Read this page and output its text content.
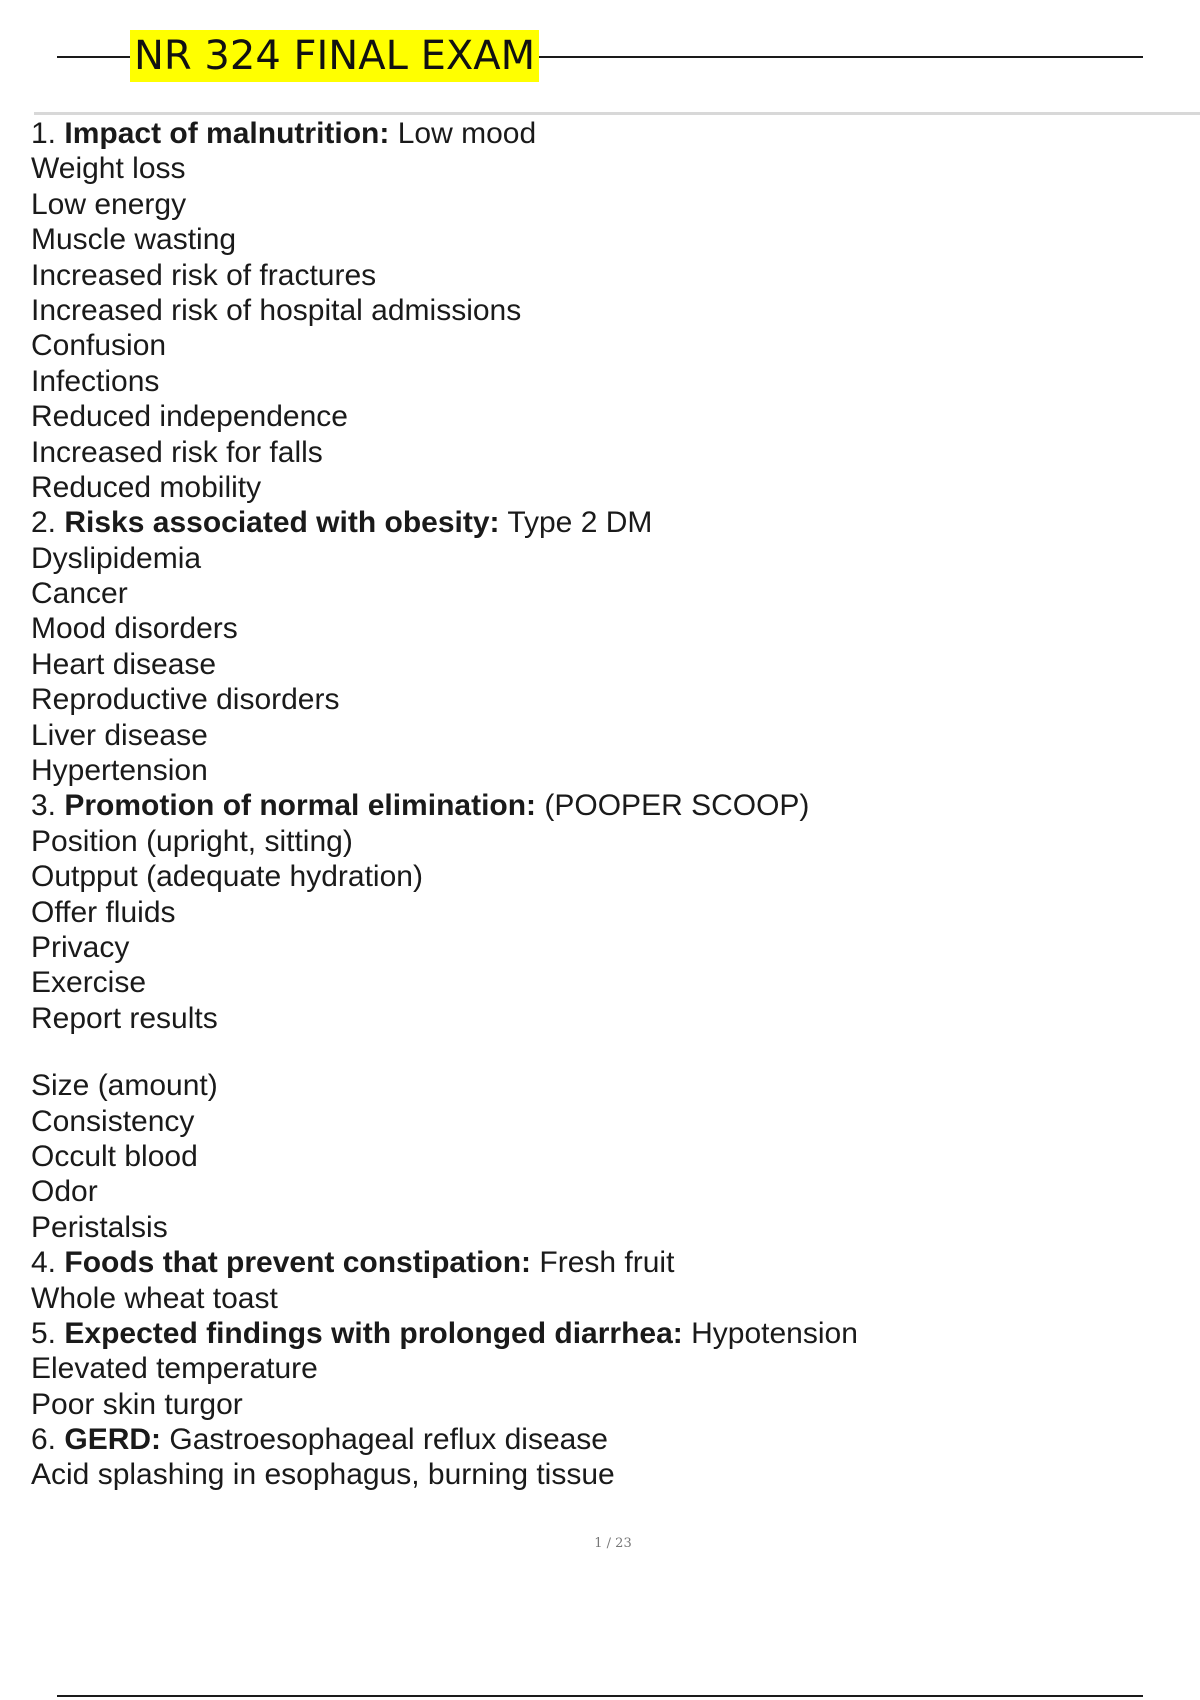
NR 324 FINAL EXAM
1. Impact of malnutrition: Low mood
Weight loss
Low energy
Muscle wasting
Increased risk of fractures
Increased risk of hospital admissions
Confusion
Infections
Reduced independence
Increased risk for falls
Reduced mobility
2. Risks associated with obesity: Type 2 DM
Dyslipidemia
Cancer
Mood disorders
Heart disease
Reproductive disorders
Liver disease
Hypertension
3. Promotion of normal elimination: (POOPER SCOOP)
Position (upright, sitting)
Outpput (adequate hydration)
Offer fluids
Privacy
Exercise
Report results
Size (amount)
Consistency
Occult blood
Odor
Peristalsis
4. Foods that prevent constipation: Fresh fruit
Whole wheat toast
5. Expected findings with prolonged diarrhea: Hypotension
Elevated temperature
Poor skin turgor
6. GERD: Gastroesophageal reflux disease
Acid splashing in esophagus, burning tissue
1 / 23
